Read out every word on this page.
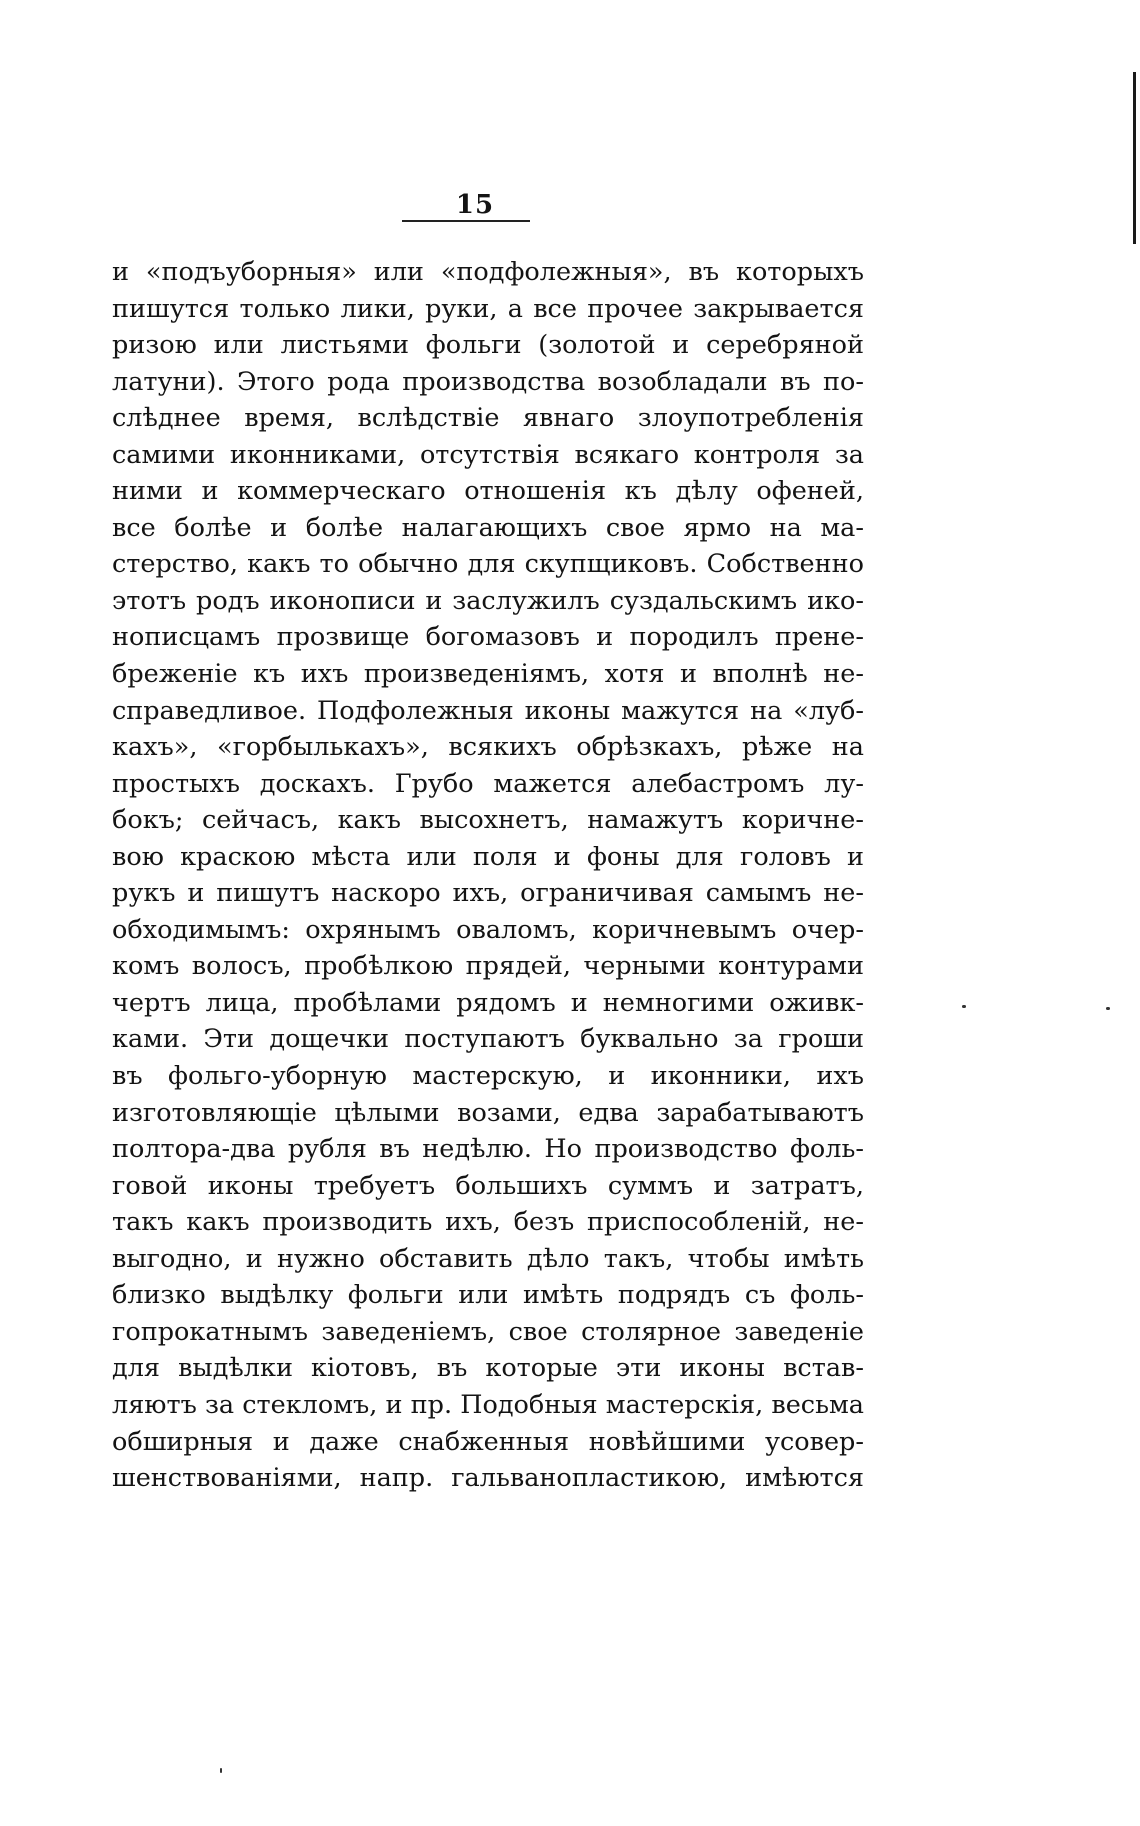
15
и «подъуборныя» или «подфолежныя», въ которыхъ
пишутся только лики, руки, а все прочее закрывается
ризою или листьями фольги (золотой и серебряной
латуни). Этого рода производства возобладали въ по-
слѣднее время, вслѣдствіе явнаго злоупотребленія
самими иконниками, отсутствія всякаго контроля за
ними и коммерческаго отношенія къ дѣлу офеней,
все болѣе и болѣе налагающихъ свое ярмо на ма-
стерство, какъ то обычно для скупщиковъ. Собственно
этотъ родъ иконописи и заслужилъ суздальскимъ ико-
нописцамъ прозвище богомазовъ и породилъ прене-
бреженіе къ ихъ произведеніямъ, хотя и вполнѣ не-
справедливое. Подфолежныя иконы мажутся на «луб-
кахъ», «горбылькахъ», всякихъ обрѣзкахъ, рѣже на
простыхъ доскахъ. Грубо мажется алебастромъ лу-
бокъ; сейчасъ, какъ высохнетъ, намажутъ коричне-
вою краскою мѣста или поля и фоны для головъ и
рукъ и пишутъ наскоро ихъ, ограничивая самымъ не-
обходимымъ: охрянымъ оваломъ, коричневымъ очер-
комъ волосъ, пробѣлкою прядей, черными контурами
чертъ лица, пробѣлами рядомъ и немногими оживк-
ками. Эти дощечки поступаютъ буквально за гроши
въ фольго-уборную мастерскую, и иконники, ихъ
изготовляющіе цѣлыми возами, едва зарабатываютъ
полтора-два рубля въ недѣлю. Но производство фоль-
говой иконы требуетъ большихъ суммъ и затратъ,
такъ какъ производить ихъ, безъ приспособленій, не-
выгодно, и нужно обставить дѣло такъ, чтобы имѣть
близко выдѣлку фольги или имѣть подрядъ съ фоль-
гопрокатнымъ заведеніемъ, свое столярное заведеніе
для выдѣлки кіотовъ, въ которые эти иконы встав-
ляютъ за стекломъ, и пр. Подобныя мастерскія, весьма
обширныя и даже снабженныя новѣйшими усовер-
шенствованіями, напр. гальванопластикою, имѣются
